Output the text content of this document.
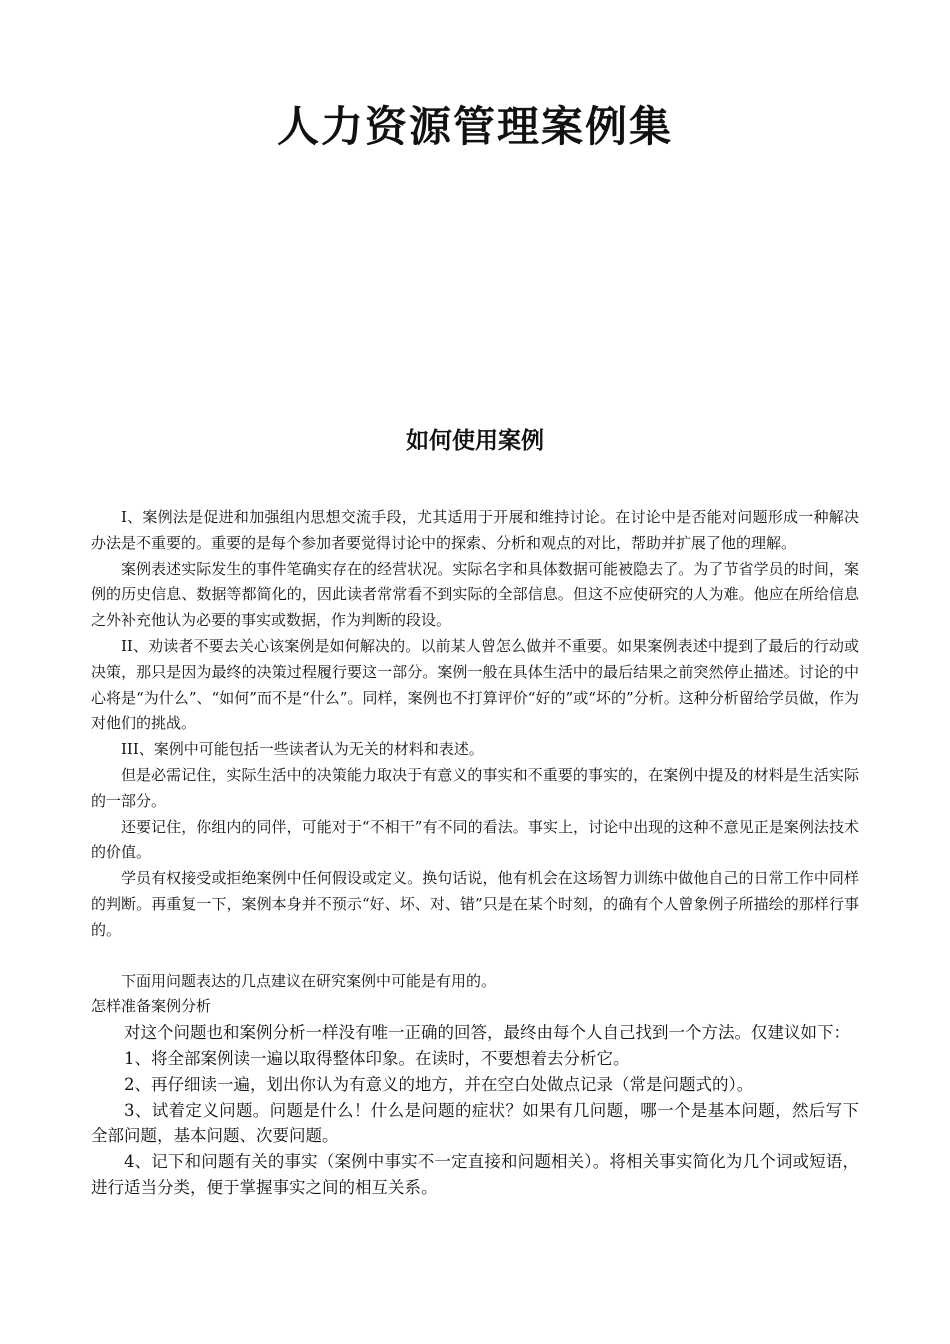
人力资源管理案例集
如何使用案例

I、案例法是促进和加强组内思想交流手段，尤其适用于开展和维持讨论。在讨论中是否能对问题形成一种解决办法是不重要的。重要的是每个参加者要觉得讨论中的探索、分析和观点的对比，帮助并扩展了他的理解。

案例表述实际发生的事件笔确实存在的经营状况。实际名字和具体数据可能被隐去了。为了节省学员的时间，案例的历史信息、数据等都简化的，因此读者常常看不到实际的全部信息。但这不应使研究的人为难。他应在所给信息之外补充他认为必要的事实或数据，作为判断的段设。

II、劝读者不要去关心该案例是如何解决的。以前某人曾怎么做并不重要。如果案例表述中提到了最后的行动或决策，那只是因为最终的决策过程履行要这一部分。案例一般在具体生活中的最后结果之前突然停止描述。讨论的中心将是“为什么”、“如何”而不是“什么”。同样，案例也不打算评价“好的”或“坏的”分析。这种分析留给学员做，作为对他们的挑战。

III、案例中可能包括一些读者认为无关的材料和表述。

但是必需记住，实际生活中的决策能力取决于有意义的事实和不重要的事实的，在案例中提及的材料是生活实际的一部分。

还要记住，你组内的同伴，可能对于“不相干”有不同的看法。事实上，讨论中出现的这种不意见正是案例法技术的价值。

学员有权接受或拒绝案例中任何假设或定义。换句话说，他有机会在这场智力训练中做他自己的日常工作中同样的判断。再重复一下，案例本身并不预示“好、坏、对、错”只是在某个时刻，的确有个人曾象例子所描绘的那样行事的。

下面用问题表达的几点建议在研究案例中可能是有用的。

怎样准备案例分析

对这个问题也和案例分析一样没有唯一正确的回答，最终由每个人自己找到一个方法。仅建议如下：

1、将全部案例读一遍以取得整体印象。在读时，不要想着去分析它。

2、再仔细读一遍，划出你认为有意义的地方，并在空白处做点记录（常是问题式的）。

3、试着定义问题。问题是什么！什么是问题的症状？如果有几问题，哪一个是基本问题，然后写下全部问题，基本问题、次要问题。

4、记下和问题有关的事实（案例中事实不一定直接和问题相关）。将相关事实简化为几个词或短语，进行适当分类，便于掌握事实之间的相互关系。
